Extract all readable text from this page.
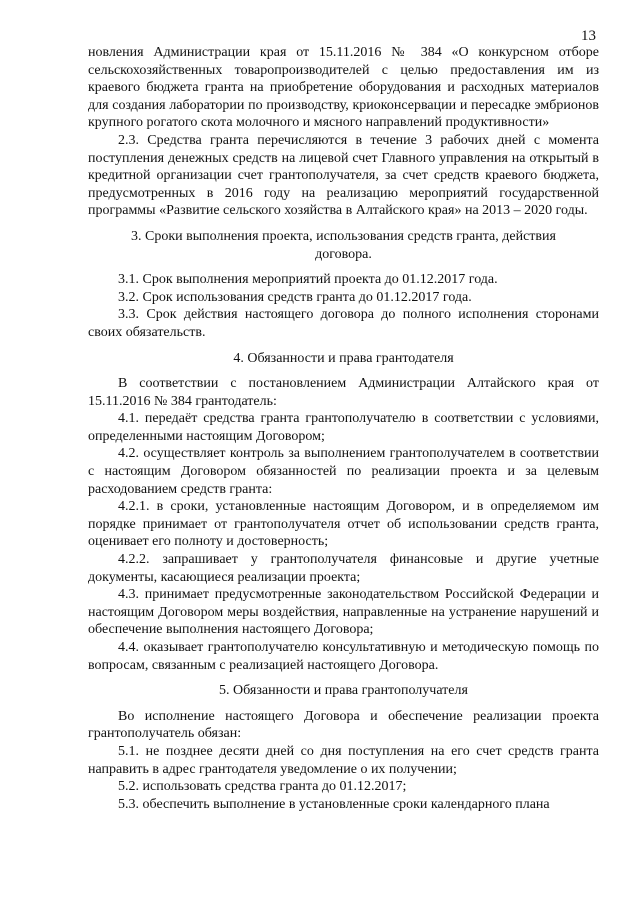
13

новления Администрации края от 15.11.2016 № 384 «О конкурсном отборе сельскохозяйственных товаропроизводителей с целью предоставления им из краевого бюджета гранта на приобретение оборудования и расходных материалов для создания лаборатории по производству, криоконсервации и пересадке эмбрионов крупного рогатого скота молочного и мясного направлений продуктивности»

2.3. Средства гранта перечисляются в течение 3 рабочих дней с момента поступления денежных средств на лицевой счет Главного управления на открытый в кредитной организации счет грантополучателя, за счет средств краевого бюджета, предусмотренных в 2016 году на реализацию мероприятий государственной программы «Развитие сельского хозяйства в Алтайского края» на 2013 – 2020 годы.

3. Сроки выполнения проекта, использования средств гранта, действия договора.

3.1. Срок выполнения мероприятий проекта до 01.12.2017 года.

3.2. Срок использования средств гранта до 01.12.2017 года.

3.3. Срок действия настоящего договора до полного исполнения сторонами своих обязательств.

4. Обязанности и права грантодателя

В соответствии с постановлением Администрации Алтайского края от 15.11.2016 № 384 грантодатель:

4.1. передаёт средства гранта грантополучателю в соответствии с условиями, определенными настоящим Договором;

4.2. осуществляет контроль за выполнением грантополучателем в соответствии с настоящим Договором обязанностей по реализации проекта и за целевым расходованием средств гранта:

4.2.1. в сроки, установленные настоящим Договором, и в определяемом им порядке принимает от грантополучателя отчет об использовании средств гранта, оценивает его полноту и достоверность;

4.2.2. запрашивает у грантополучателя финансовые и другие учетные документы, касающиеся реализации проекта;

4.3. принимает предусмотренные законодательством Российской Федерации и настоящим Договором меры воздействия, направленные на устранение нарушений и обеспечение выполнения настоящего Договора;

4.4. оказывает грантополучателю консультативную и методическую помощь по вопросам, связанным с реализацией настоящего Договора.

5. Обязанности и права грантополучателя

Во исполнение настоящего Договора и обеспечение реализации проекта грантополучатель обязан:

5.1. не позднее десяти дней со дня поступления на его счет средств гранта направить в адрес грантодателя уведомление о их получении;

5.2. использовать средства гранта до 01.12.2017;

5.3. обеспечить выполнение в установленные сроки календарного плана
